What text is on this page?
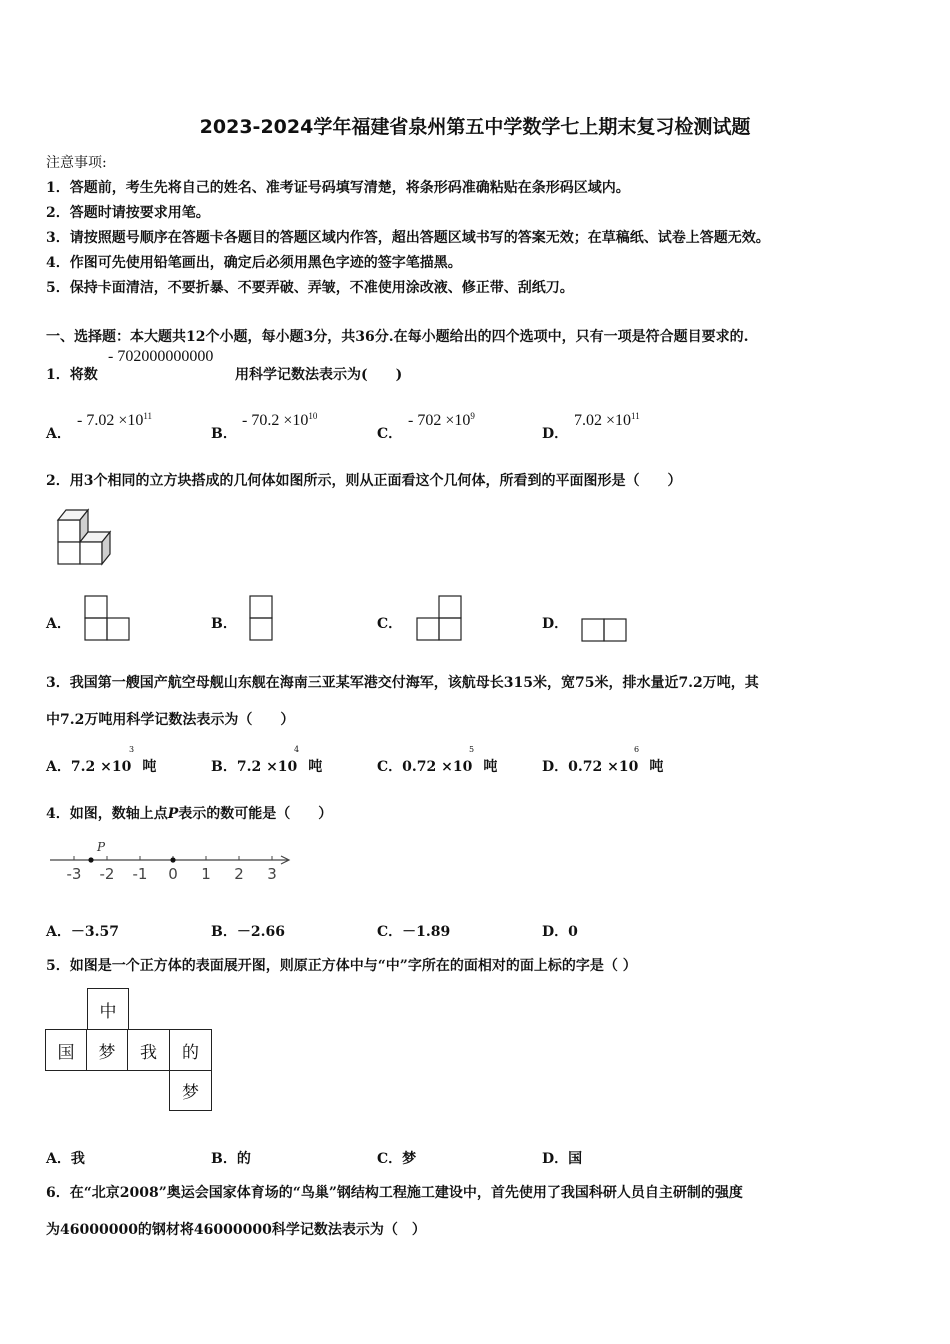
2023-2024学年福建省泉州第五中学数学七上期末复习检测试题
注意事项:
1．答题前，考生先将自己的姓名、准考证号码填写清楚，将条形码准确粘贴在条形码区域内。
2．答题时请按要求用笔。
3．请按照题号顺序在答题卡各题目的答题区域内作答，超出答题区域书写的答案无效；在草稿纸、试卷上答题无效。
4．作图可先使用铅笔画出，确定后必须用黑色字迹的签字笔描黑。
5．保持卡面清洁，不要折暴、不要弄破、弄皱，不准使用涂改液、修正带、刮纸刀。
一、选择题：本大题共12个小题，每小题3分，共36分.在每小题给出的四个选项中，只有一项是符合题目要求的.
1．将数
- 702000000000
用科学记数法表示为(　　)
A．
- $7.02 \times 10^{11}$
B．
- $70.2 \times 10^{10}$
C．
- $702 \times 10^9$
D．
$7.02 \times 10^{11}$
2．用3个相同的立方块搭成的几何体如图所示，则从正面看这个几何体，所看到的平面图形是（　　）
A．	B．	C．	D．
3．我国第一艘国产航空母舰山东舰在海南三亚某军港交付海军，该航母长315米，宽75米，排水量近7.2万吨，其
中7.2万吨用科学记数法表示为（　　）
A．7.2 ×10
3
吨	B．7.2 ×10
4
吨	C．0.72 ×10
5
吨	D．0.72 ×10
6
吨
4．如图，数轴上点P表示的数可能是（　　）
-3 -2 -1 0 1 2 3
P
A．－3.57	B．－2.66	C．－1.89	D．0
5．如图是一个正方体的表面展开图，则原正方体中与“中”字所在的面相对的面上标的字是（ ）
中
国	梦	我	的
梦
A．我	B．的	C．梦	D．国
6．在“北京2008”奥运会国家体育场的“鸟巢”钢结构工程施工建设中，首先使用了我国科研人员自主研制的强度
为46000000的钢材将46000000科学记数法表示为（　）
